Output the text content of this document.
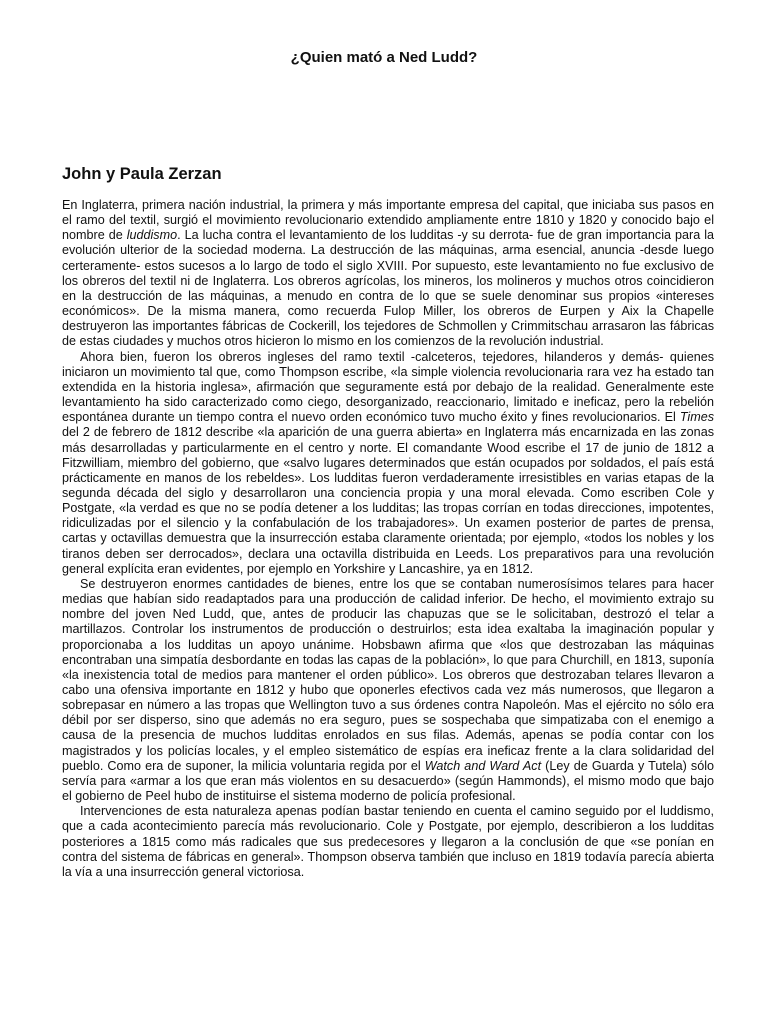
¿Quien mató a Ned Ludd?
John y Paula Zerzan

En Inglaterra, primera nación industrial, la primera y más importante empresa del capital, que iniciaba sus pasos en el ramo del textil, surgió el movimiento revolucionario extendido ampliamente entre 1810 y 1820 y conocido bajo el nombre de luddismo. La lucha contra el levantamiento de los ludditas -y su derrota- fue de gran importancia para la evolución ulterior de la sociedad moderna. La destrucción de las máquinas, arma esencial, anuncia -desde luego certeramente- estos sucesos a lo largo de todo el siglo XVIII. Por supuesto, este levantamiento no fue exclusivo de los obreros del textil ni de Inglaterra. Los obreros agrícolas, los mineros, los molineros y muchos otros coincidieron en la destrucción de las máquinas, a menudo en contra de lo que se suele denominar sus propios «intereses económicos». De la misma manera, como recuerda Fulop Miller, los obreros de Eurpen y Aix la Chapelle destruyeron las importantes fábricas de Cockerill, los tejedores de Schmollen y Crimmitschau arrasaron las fábricas de estas ciudades y muchos otros hicieron lo mismo en los comienzos de la revolución industrial.

Ahora bien, fueron los obreros ingleses del ramo textil -calceteros, tejedores, hilanderos y demás- quienes iniciaron un movimiento tal que, como Thompson escribe, «la simple violencia revolucionaria rara vez ha estado tan extendida en la historia inglesa», afirmación que seguramente está por debajo de la realidad. Generalmente este levantamiento ha sido caracterizado como ciego, desorganizado, reaccionario, limitado e ineficaz, pero la rebelión espontánea durante un tiempo contra el nuevo orden económico tuvo mucho éxito y fines revolucionarios. El Times del 2 de febrero de 1812 describe «la aparición de una guerra abierta» en Inglaterra más encarnizada en las zonas más desarrolladas y particularmente en el centro y norte. El comandante Wood escribe el 17 de junio de 1812 a Fitzwilliam, miembro del gobierno, que «salvo lugares determinados que están ocupados por soldados, el país está prácticamente en manos de los rebeldes». Los ludditas fueron verdaderamente irresistibles en varias etapas de la segunda década del siglo y desarrollaron una conciencia propia y una moral elevada. Como escriben Cole y Postgate, «la verdad es que no se podía detener a los ludditas; las tropas corrían en todas direcciones, impotentes, ridiculizadas por el silencio y la confabulación de los trabajadores». Un examen posterior de partes de prensa, cartas y octavillas demuestra que la insurrección estaba claramente orientada; por ejemplo, «todos los nobles y los tiranos deben ser derrocados», declara una octavilla distribuida en Leeds. Los preparativos para una revolución general explícita eran evidentes, por ejemplo en Yorkshire y Lancashire, ya en 1812.

Se destruyeron enormes cantidades de bienes, entre los que se contaban numerosísimos telares para hacer medias que habían sido readaptados para una producción de calidad inferior. De hecho, el movimiento extrajo su nombre del joven Ned Ludd, que, antes de producir las chapuzas que se le solicitaban, destrozó el telar a martillazos. Controlar los instrumentos de producción o destruirlos; esta idea exaltaba la imaginación popular y proporcionaba a los ludditas un apoyo unánime. Hobsbawn afirma que «los que destrozaban las máquinas encontraban una simpatía desbordante en todas las capas de la población», lo que para Churchill, en 1813, suponía «la inexistencia total de medios para mantener el orden público». Los obreros que destrozaban telares llevaron a cabo una ofensiva importante en 1812 y hubo que oponerles efectivos cada vez más numerosos, que llegaron a sobrepasar en número a las tropas que Wellington tuvo a sus órdenes contra Napoleón. Mas el ejército no sólo era débil por ser disperso, sino que además no era seguro, pues se sospechaba que simpatizaba con el enemigo a causa de la presencia de muchos ludditas enrolados en sus filas. Además, apenas se podía contar con los magistrados y los policías locales, y el empleo sistemático de espías era ineficaz frente a la clara solidaridad del pueblo. Como era de suponer, la milicia voluntaria regida por el Watch and Ward Act (Ley de Guarda y Tutela) sólo servía para «armar a los que eran más violentos en su desacuerdo» (según Hammonds), el mismo modo que bajo el gobierno de Peel hubo de instituirse el sistema moderno de policía profesional.

Intervenciones de esta naturaleza apenas podían bastar teniendo en cuenta el camino seguido por el luddismo, que a cada acontecimiento parecía más revolucionario. Cole y Postgate, por ejemplo, describieron a los ludditas posteriores a 1815 como más radicales que sus predecesores y llegaron a la conclusión de que «se ponían en contra del sistema de fábricas en general». Thompson observa también que incluso en 1819 todavía parecía abierta la vía a una insurrección general victoriosa.
